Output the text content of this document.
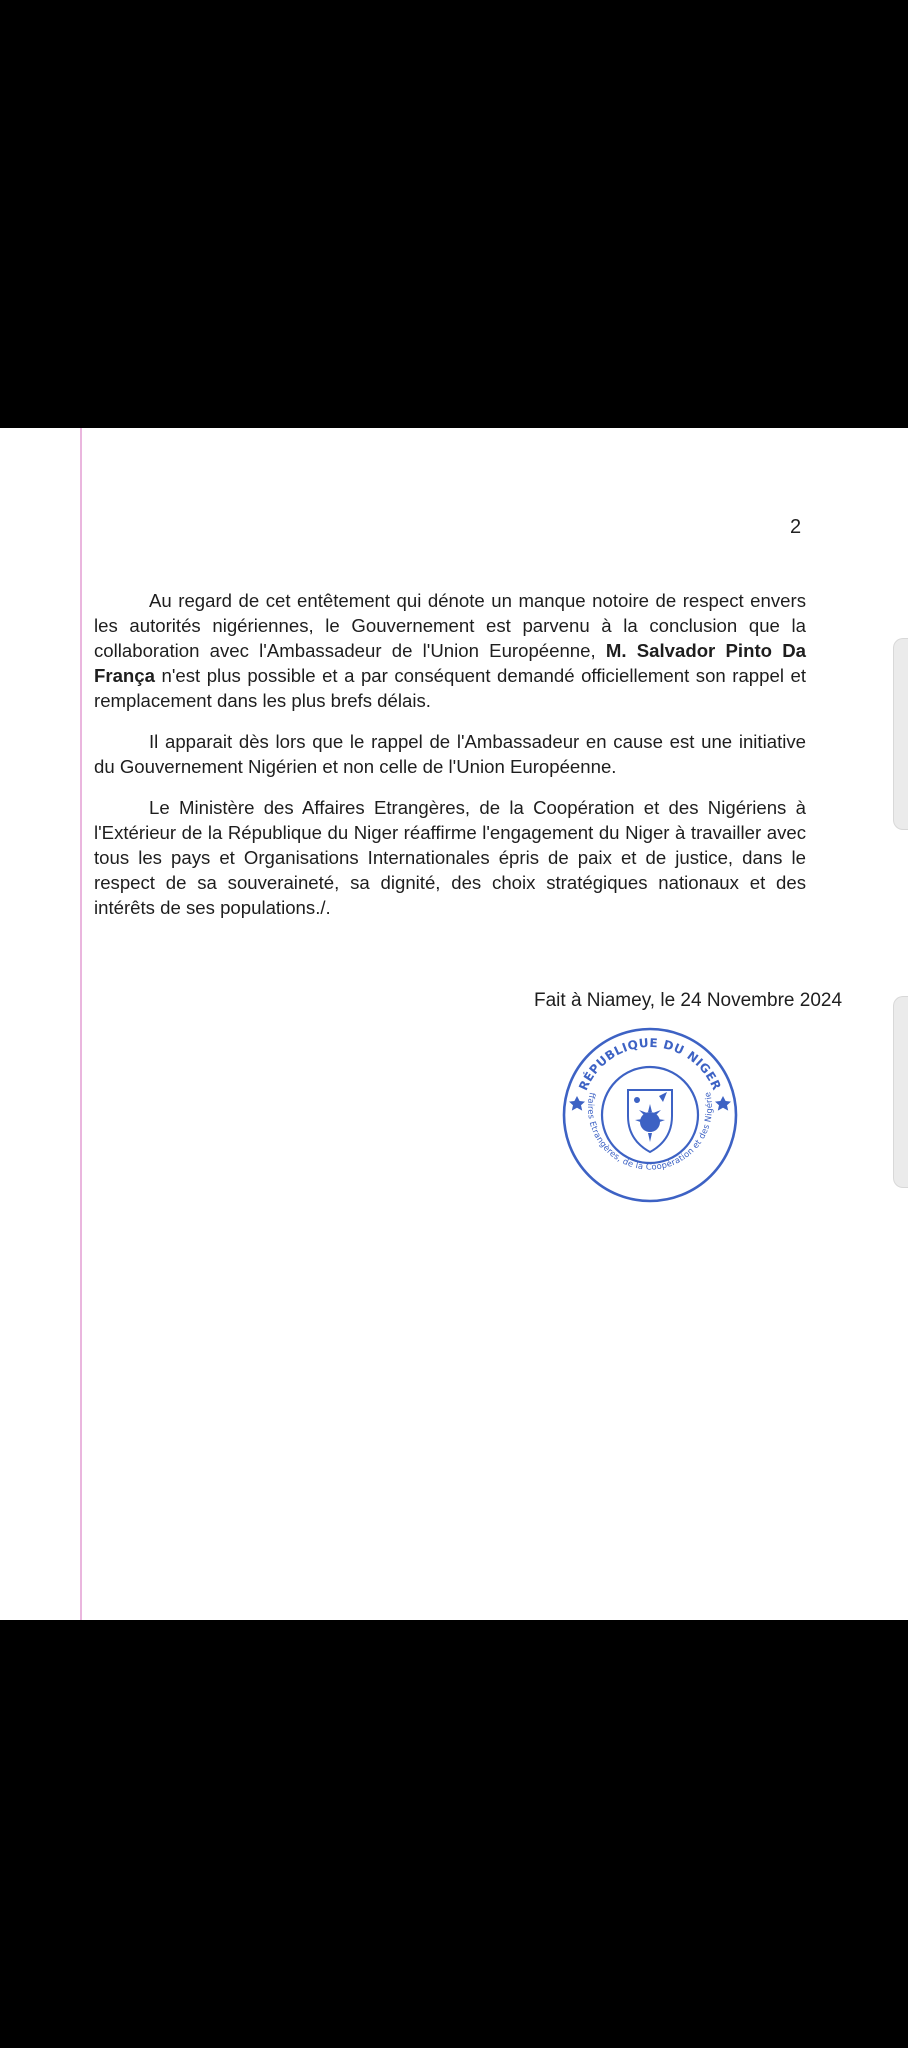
2

Au regard de cet entêtement qui dénote un manque notoire de respect envers les autorités nigériennes, le Gouvernement est parvenu à la conclusion que la collaboration avec l'Ambassadeur de l'Union Européenne, M. Salvador Pinto Da França n'est plus possible et a par conséquent demandé officiellement son rappel et remplacement dans les plus brefs délais.

Il apparait dès lors que le rappel de l'Ambassadeur en cause est une initiative du Gouvernement Nigérien et non celle de l'Union Européenne.

Le Ministère des Affaires Etrangères, de la Coopération et des Nigériens à l'Extérieur de la République du Niger réaffirme l'engagement du Niger à travailler avec tous les pays et Organisations Internationales épris de paix et de justice, dans le respect de sa souveraineté, sa dignité, des choix stratégiques nationaux et des intérêts de ses populations./.

Fait à Niamey, le 24 Novembre 2024
RÉPUBLIQUE DU NIGER
ffaires Etrangères, de la Coopération et des Nigérie
